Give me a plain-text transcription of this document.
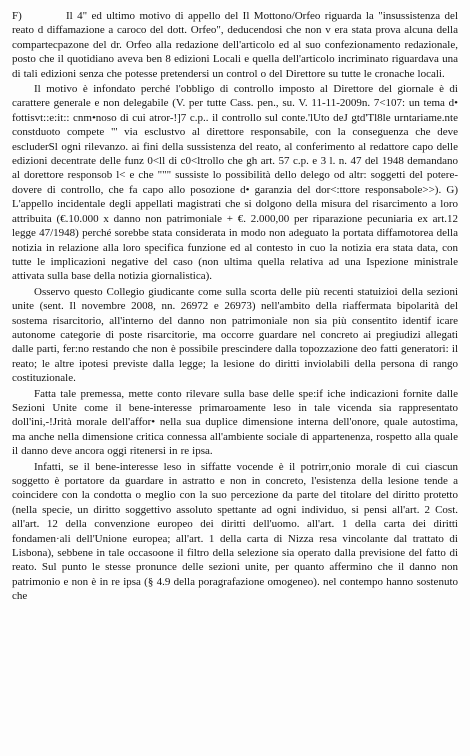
F)	Il 4" ed ultimo motivo di appello del Il Mottono/Orfeo riguarda la "insussistenza del reato d diffamazione a caroco del dott. Orfeo", deducendosi che non v era stata prova alcuna della compartecpazone del dr. Orfeo alla redazione dell'articolo ed al suo confezionamento redazionale, posto che il quotidiano aveva ben 8 edizioni Locali e quella dell'articolo incriminato riguardava una di tali edizioni senza che potesse pretendersi un control o del Direttore su tutte le cronache locali.

Il motivo è infondato perché l'obbligo di controllo imposto al Direttore del giornale è di carattere generale e non delegabile (V. per tutte Cass. pen., su. V. 11-11-2009n. 7<107: un tema d• fottisvt::e:it:: cnm•noso di cui atror-!]7 c.p.. il controllo sul conte.'lUto deJ gtd'Tl8le urntariame.nte constduoto compete "' via esclustvo al direttore responsabile, con la conseguenza che deve escluderSl ogni rilevanzo. ai fini della sussistenza del reato, al conferimento al redattore capo delle edizioni decentrate delle funz 0<ll di c0<ltrollo che gh art. 57 c.p. e 3 l. n. 47 del 1948 demandano al dorettore responsob l< e che """ sussiste lo possibilità dello delego od altr: soggetti del potere-dovere di controllo, che fa capo allo posozione d• garanzia del dor<:ttore responsabole>>). G) L'appello incidentale degli appellati magistrati che si dolgono della misura del risarcimento a loro attribuita (€.10.000 x danno non patrimoniale + €. 2.000,00 per riparazione pecuniaria ex art.12 legge 47/1948) perché sorebbe stata considerata in modo non adeguato la portata diffamotorea della notizia in relazione alla loro specifica funzione ed al contesto in cuo la notizia era stata data, con tutte le implicazioni negative del caso (non ultima quella relativa ad una Ispezione ministrale attivata sulla base della notizia giornalistica).

Osservo questo Collegio giudicante come sulla scorta delle più recenti statuizioi della sezioni unite (sent. Il novembre 2008, nn. 26972 e 26973) nell'ambito della riaffermata bipolarità del sostema risarcitorio, all'interno del danno non patrimoniale non sia più consentito identif icare autonome categorie di poste risarcitorie, ma occorre guardare nel concreto ai pregiudizi allegati dalle parti, fer:no restando che non è possibile prescindere dalla topozzazione deo fatti generatori: il reato; le altre ipotesi previste dalla legge; la lesione do diritti inviolabili della persona di rango costituzionale.

Fatta tale premessa, mette conto rilevare sulla base delle spe:if iche indicazioni fornite dalle Sezioni Unite come il bene-interesse primaroamente leso in tale vicenda sia rappresentato doll'ini,-!Jrità morale dell'affor• nella sua duplice dimensione interna dell'onore, quale autostima, ma anche nella dimensione critica connessa all'ambiente sociale di appartenenza, rospetto alla quale il danno deve ancora oggi ritenersi in re ipsa.

Infatti, se il bene-interesse leso in siffatte vocende è il potrirr,onio morale di cui ciascun soggetto è portatore da guardare in astratto e non in concreto, l'esistenza della lesione tende a coincidere con la condotta o meglio con la suo percezione da parte del titolare del diritto protetto (nella specie, un diritto soggettivo assoluto spettante ad ogni individuo, si pensi all'art. 2 Cost. all'art. 12 della convenzione europeo dei diritti dell'uomo. all'art. 1 della carta dei diritti fondamen·ali dell'Unione europea; all'art. 1 della carta di Nizza resa vincolante dal trattato di Lisbona), sebbene in tale occasoone il filtro della selezione sia operato dalla previsione del fatto di reato. Sul punto le stesse pronunce delle sezioni unite, per quanto affermino che il danno non patrimonio e non è in re ipsa (§ 4.9 della poragrafazione omogeneo). nel contempo hanno sostenuto che
